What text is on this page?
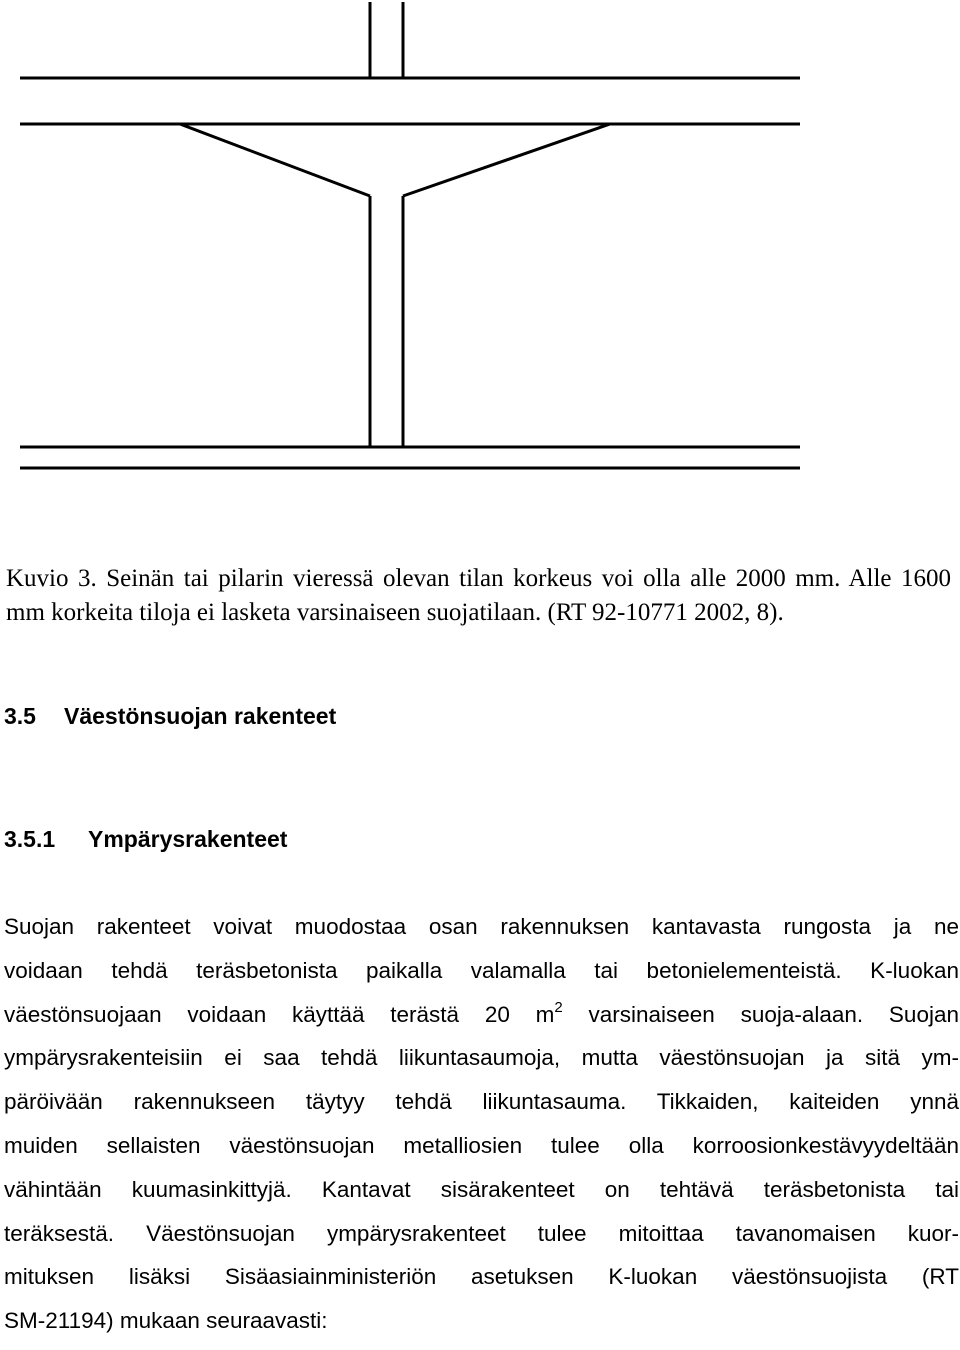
Kuvio 3. Seinän tai pilarin vieressä olevan tilan korkeus voi olla alle 2000 mm. Alle 1600
mm korkeita tiloja ei lasketa varsinaiseen suojatilaan. (RT 92-10771 2002, 8).

3.5 Väestönsuojan rakenteet
3.5.1 Ympärysrakenteet

Suojan rakenteet voivat muodostaa osan rakennuksen kantavasta rungosta ja ne
voidaan tehdä teräsbetonista paikalla valamalla tai betonielementeistä. K-luokan
väestönsuojaan voidaan käyttää terästä 20 $m^2$ varsinaiseen suoja-alaan. Suojan
ympärysrakenteisiin ei saa tehdä liikuntasaumoja, mutta väestönsuojan ja sitä ym-
päröivään rakennukseen täytyy tehdä liikuntasauma. Tikkaiden, kaiteiden ynnä
muiden sellaisten väestönsuojan metalliosien tulee olla korroosionkestävyydeltään
vähintään kuumasinkittyjä. Kantavat sisärakenteet on tehtävä teräsbetonista tai
teräksestä. Väestönsuojan ympärysrakenteet tulee mitoittaa tavanomaisen kuor-
mituksen lisäksi Sisäasiainministeriön asetuksen K-luokan väestönsuojista (RT
SM-21194) mukaan seuraavasti:
